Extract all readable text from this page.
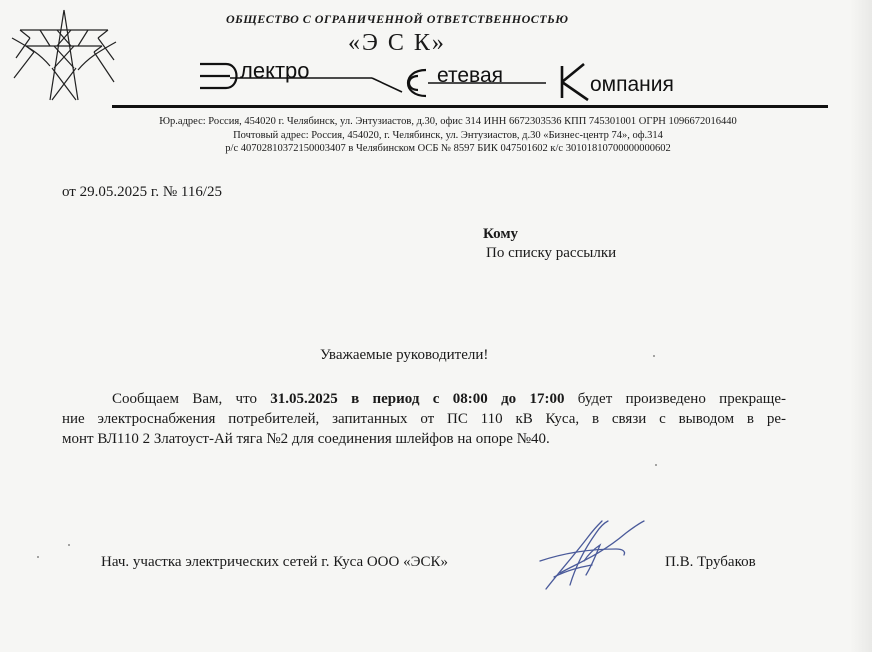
ОБЩЕСТВО С ОГРАНИЧЕННОЙ ОТВЕТСТВЕННОСТЬЮ
«Э С К»
лектро	етевая	омпания
Юр.адрес: Россия, 454020 г. Челябинск, ул. Энтузиастов, д.30, офис 314 ИНН 6672303536 КПП 745301001 ОГРН 1096672016440
Почтовый адрес: Россия, 454020, г. Челябинск, ул. Энтузиастов, д.30 «Бизнес-центр 74», оф.314
р/с 40702810372150003407 в Челябинском ОСБ № 8597 БИК 047501602 к/с 30101810700000000602
от 29.05.2025 г. № 116/25
Кому
По списку рассылки
Уважаемые руководители!
Сообщаем Вам, что 31.05.2025 в период с 08:00 до 17:00 будет произведено прекраще-
ние электроснабжения потребителей, запитанных от ПС 110 кВ Куса, в связи с выводом в ре-
монт ВЛ110 2 Златоуст-Ай тяга №2 для соединения шлейфов на опоре №40.
Нач. участка электрических сетей г. Куса ООО «ЭСК»	П.В. Трубаков
